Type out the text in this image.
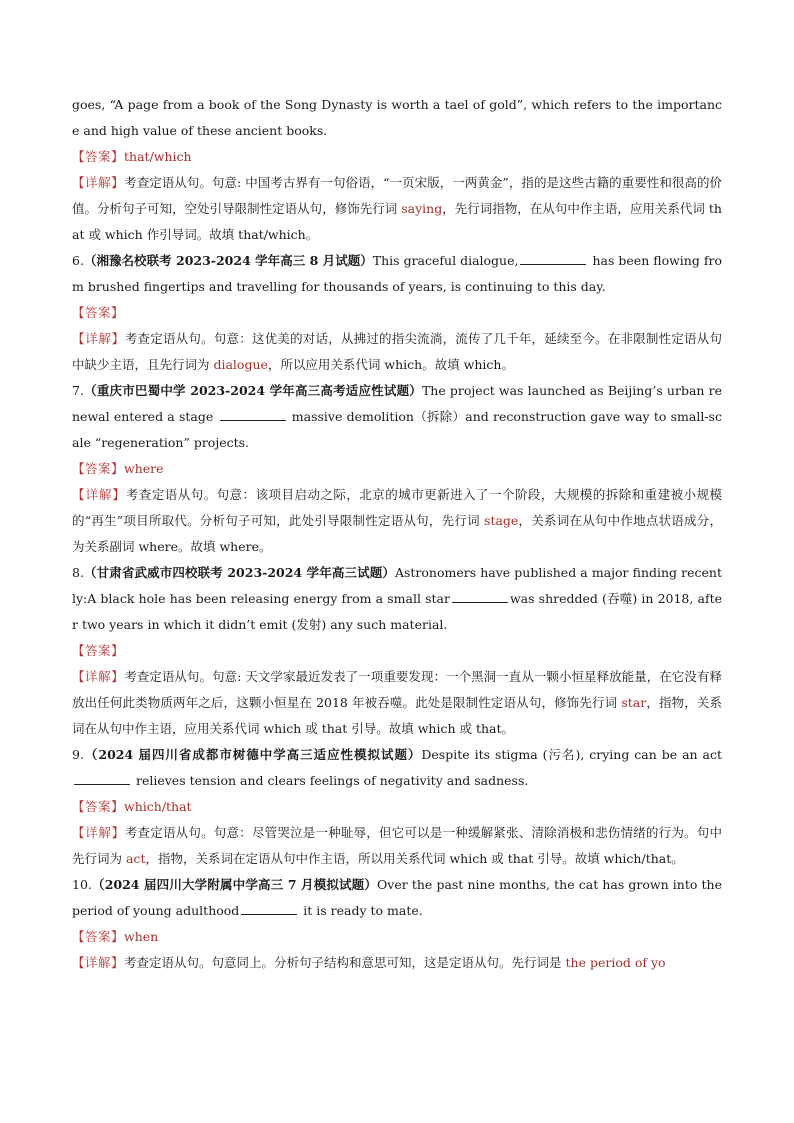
goes, “A page from a book of the Song Dynasty is worth a tael of gold”, which refers to the importance and high value of these ancient books.

【答案】that/which

【详解】考查定语从句。句意: 中国考古界有一句俗语，“一页宋版，一两黄金”，指的是这些古籍的重要性和很高的价值。分析句子可知，空处引导限制性定语从句，修饰先行词 saying，先行词指物，在从句中作主语，应用关系代词 that 或 which 作引导词。故填 that/which。

6.（湘豫名校联考 2023-2024 学年高三 8 月试题）This graceful dialogue,	has been flowing from brushed fingertips and travelling for thousands of years, is continuing to this day.

【答案】

【详解】考查定语从句。句意：这优美的对话，从拂过的指尖流淌，流传了几千年，延续至今。在非限制性定语从句中缺少主语，且先行词为 dialogue，所以应用关系代词 which。故填 which。

7.（重庆市巴蜀中学 2023-2024 学年高三高考适应性试题）The project was launched as Beijing’s urban renewal entered a stage	massive demolition（拆除）and reconstruction gave way to small-scale “regeneration” projects.

【答案】where

【详解】考查定语从句。句意：该项目启动之际，北京的城市更新进入了一个阶段，大规模的拆除和重建被小规模的“再生”项目所取代。分析句子可知，此处引导限制性定语从句，先行词 stage，关系词在从句中作地点状语成分，为关系副词 where。故填 where。

8.（甘肃省武威市四校联考 2023-2024 学年高三试题）Astronomers have published a major finding recently:A black hole has been releasing energy from a small star	was shredded (吞噬) in 2018, after two years in which it didn’t emit (发射) any such material.

【答案】

【详解】考查定语从句。句意: 天文学家最近发表了一项重要发现：一个黑洞一直从一颗小恒星释放能量，在它没有释放出任何此类物质两年之后，这颗小恒星在 2018 年被吞噬。此处是限制性定语从句，修饰先行词 star，指物，关系词在从句中作主语，应用关系代词 which 或 that 引导。故填 which 或 that。

9.（2024 届四川省成都市树德中学高三适应性模拟试题）Despite its stigma (污名), crying can be an act  relieves tension and clears feelings of negativity and sadness.

【答案】which/that

【详解】考查定语从句。句意：尽管哭泣是一种耻辱，但它可以是一种缓解紧张、清除消极和悲伤情绪的行为。句中先行词为 act，指物，关系词在定语从句中作主语，所以用关系代词 which 或 that 引导。故填 which/that。

10.（2024 届四川大学附属中学高三 7 月模拟试题）Over the past nine months, the cat has grown into the period of young adulthood	it is ready to mate.

【答案】when

【详解】考查定语从句。句意同上。分析句子结构和意思可知，这是定语从句。先行词是 the period of yo
